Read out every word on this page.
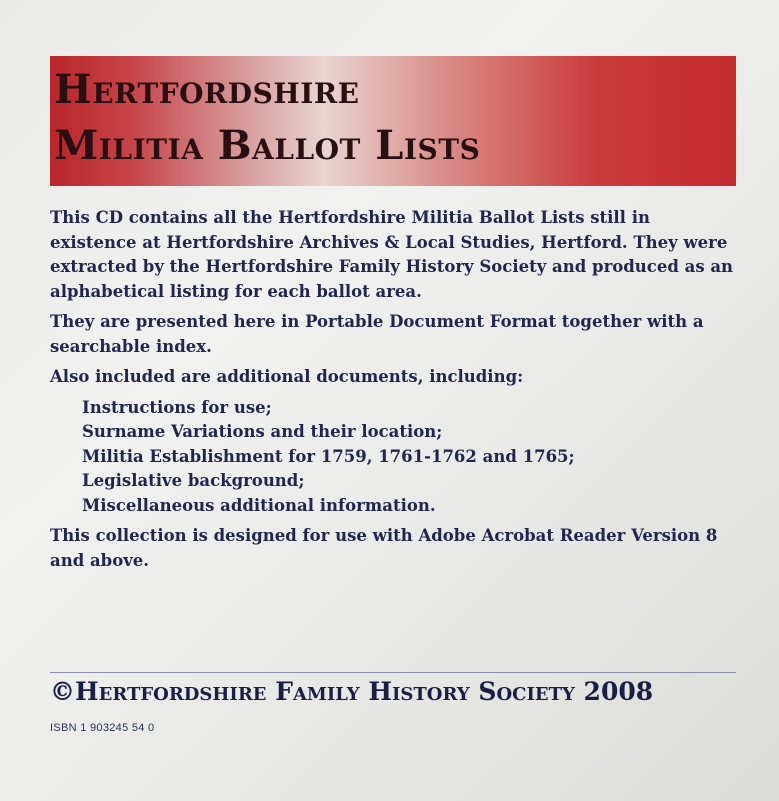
Hertfordshire
Militia Ballot Lists

This CD contains all the Hertfordshire Militia Ballot Lists still in existence at Hertfordshire Archives & Local Studies, Hertford. They were extracted by the Hertfordshire Family History Society and produced as an alphabetical listing for each ballot area.

They are presented here in Portable Document Format together with a searchable index.

Also included are additional documents, including:

Instructions for use;
Surname Variations and their location;
Militia Establishment for 1759, 1761-1762 and 1765;
Legislative background;
Miscellaneous additional information.

This collection is designed for use with Adobe Acrobat Reader Version 8 and above.

©Hertfordshire Family History Society 2008
ISBN 1 903245 54 0
